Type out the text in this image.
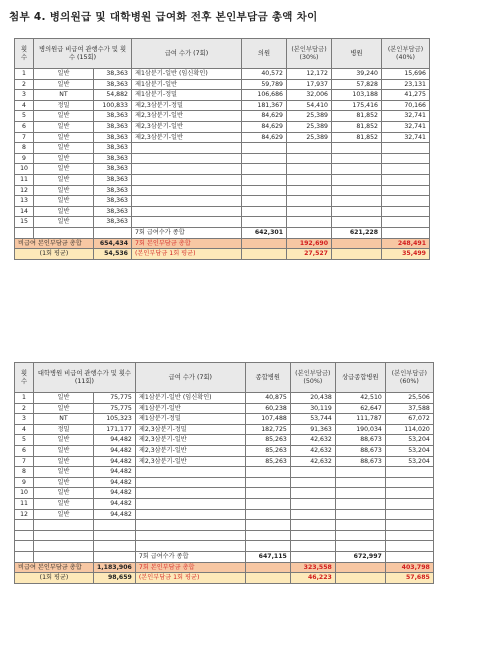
첨부 4. 병의원급 및 대학병원 급여화 전후 본인부담금 총액 차이
횟수	병의원급 비급여 관행수가 및 횟수 (15회)		급여 수가 (7회)	의원	(본인부담금) (30%)	병원	(본인부담금) (40%)
1	일반	38,363	제1삼분기-일반 (임신확인)	40,572	12,172	39,240	15,696
2	일반	38,363	제1삼분기-일반	59,789	17,937	57,828	23,131
3	NT	54,882	제1삼분기-정밀	106,686	32,006	103,188	41,275
4	정밀	100,833	제2,3삼분기-정밀	181,367	54,410	175,416	70,166
5	일반	38,363	제2,3삼분기-일반	84,629	25,389	81,852	32,741
6	일반	38,363	제2,3삼분기-일반	84,629	25,389	81,852	32,741
7	일반	38,363	제2,3삼분기-일반	84,629	25,389	81,852	32,741
8	일반	38,363					
9	일반	38,363					
10	일반	38,363					
11	일반	38,363					
12	일반	38,363					
13	일반	38,363					
14	일반	38,363					
15	일반	38,363					
			7회 급여수가 종합	642,301		621,228	
비급여 본인부담금 총합		654,434	7회 본인부담금 총합		192,690		248,491
(1회 평균)		54,536	(본인부담금 1회 평균)		27,527		35,499
횟수	대학병원 비급여 관행수가 및 횟수 (11회)		급여 수가 (7회)	종합병원	(본인부담금) (50%)	상급종합병원	(본인부담금) (60%)
1	일반	75,775	제1삼분기-일반 (임신확인)	40,875	20,438	42,510	25,506
2	일반	75,775	제1삼분기-일반	60,238	30,119	62,647	37,588
3	NT	105,323	제1삼분기-정밀	107,488	53,744	111,787	67,072
4	정밀	171,177	제2,3삼분기-정밀	182,725	91,363	190,034	114,020
5	일반	94,482	제2,3삼분기-일반	85,263	42,632	88,673	53,204
6	일반	94,482	제2,3삼분기-일반	85,263	42,632	88,673	53,204
7	일반	94,482	제2,3삼분기-일반	85,263	42,632	88,673	53,204
8	일반	94,482					
9	일반	94,482					
10	일반	94,482					
11	일반	94,482					
12	일반	94,482					

			7회 급여수가 종합	647,115		672,997	
비급여 본인부담금 총합		1,183,906	7회 본인부담금 총합		323,558		403,798
(1회 평균)		98,659	(본인부담금 1회 평균)		46,223		57,685
